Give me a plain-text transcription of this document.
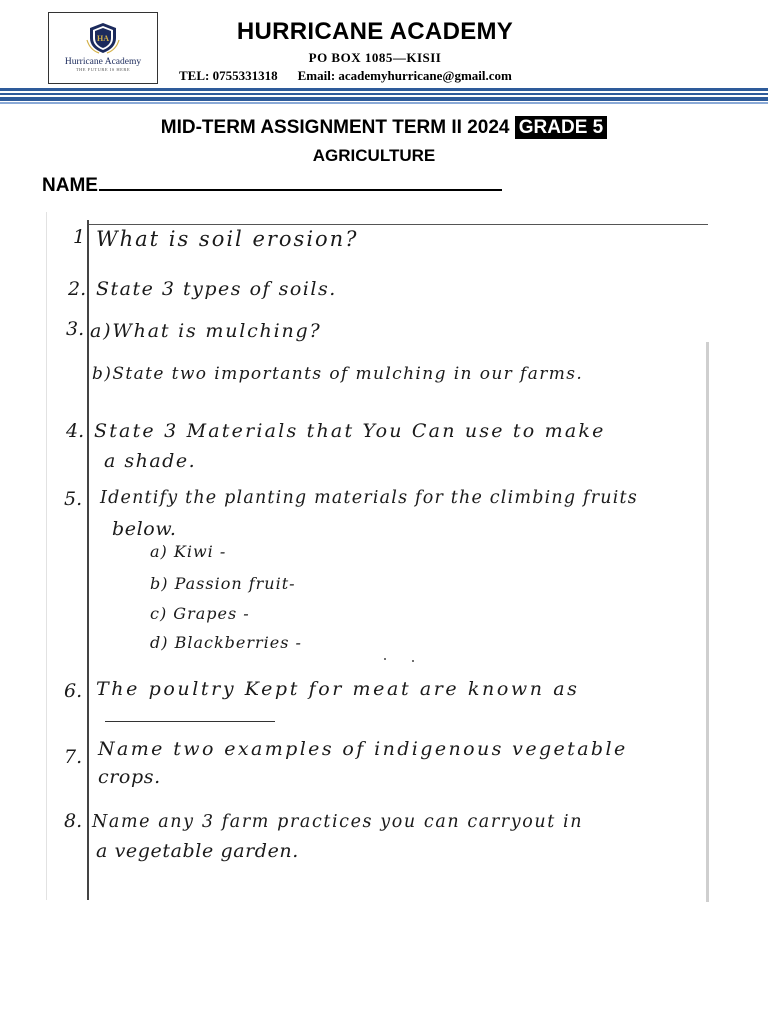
HA
Hurricane Academy
THE FUTURE IS HERE
HURRICANE ACADEMY
PO BOX 1085—KISII
TEL: 0755331318 Email: academyhurricane@gmail.com
MID-TERM ASSIGNMENT TERM II 2024 GRADE 5
AGRICULTURE
NAME
1
2.
3.
4.
5.
6.
7.
8.
What is soil erosion?
State 3 types of soils.
a)What is mulching?
b)State two importants of mulching in our farms.
State 3 Materials that You Can use to make
a shade.
Identify the planting materials for the climbing fruits
below.
a) Kiwi -
b) Passion fruit-
c) Grapes -
d) Blackberries -
The poultry Kept for meat are known as
Name two examples of indigenous vegetable
crops.
Name any 3 farm practices you can carryout in
a vegetable garden.
